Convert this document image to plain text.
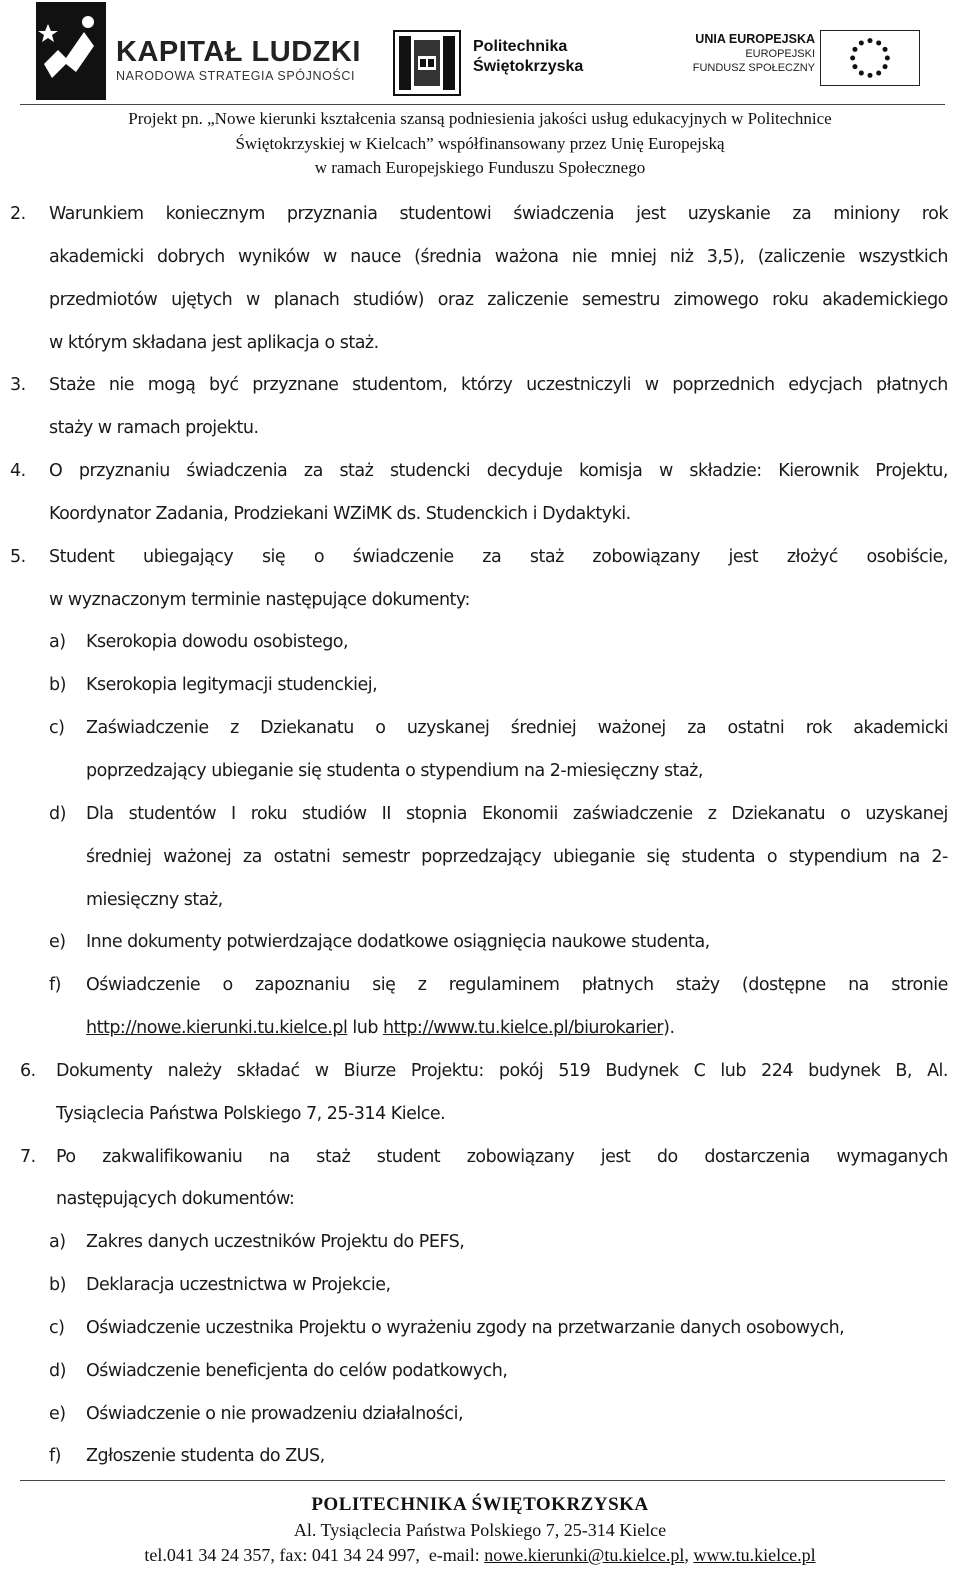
KAPITAŁ LUDZKI
NARODOWA STRATEGIA SPÓJNOŚCI
Politechnika
Świętokrzyska
UNIA EUROPEJSKA
EUROPEJSKI
FUNDUSZ SPOŁECZNY
Projekt pn. „Nowe kierunki kształcenia szansą podniesienia jakości usług edukacyjnych w Politechnice
Świętokrzyskiej w Kielcach” współfinansowany przez Unię Europejską
w ramach Europejskiego Funduszu Społecznego
2. Warunkiem koniecznym przyznania studentowi świadczenia jest uzyskanie za miniony rok
akademicki dobrych wyników w nauce (średnia ważona nie mniej niż 3,5), (zaliczenie wszystkich
przedmiotów ujętych w planach studiów) oraz zaliczenie semestru zimowego roku akademickiego
w którym składana jest aplikacja o staż.
3. Staże nie mogą być przyznane studentom, którzy uczestniczyli w poprzednich edycjach płatnych
staży w ramach projektu.
4. O przyznaniu świadczenia za staż studencki decyduje komisja w składzie: Kierownik Projektu,
Koordynator Zadania, Prodziekani WZiMK ds. Studenckich i Dydaktyki.
5. Student ubiegający się o świadczenie za staż zobowiązany jest złożyć osobiście,
w wyznaczonym terminie następujące dokumenty:
a) Kserokopia dowodu osobistego,
b) Kserokopia legitymacji studenckiej,
c) Zaświadczenie z Dziekanatu o uzyskanej średniej ważonej za ostatni rok akademicki
poprzedzający ubieganie się studenta o stypendium na 2-miesięczny staż,
d) Dla studentów I roku studiów II stopnia Ekonomii zaświadczenie z Dziekanatu o uzyskanej
średniej ważonej za ostatni semestr poprzedzający ubieganie się studenta o stypendium na 2-
miesięczny staż,
e) Inne dokumenty potwierdzające dodatkowe osiągnięcia naukowe studenta,
f) Oświadczenie o zapoznaniu się z regulaminem płatnych staży (dostępne na stronie
http://nowe.kierunki.tu.kielce.pl lub http://www.tu.kielce.pl/biurokarier ).
6. Dokumenty należy składać w Biurze Projektu: pokój 519 Budynek C lub 224 budynek B, Al.
Tysiąclecia Państwa Polskiego 7, 25-314 Kielce.
7. Po zakwalifikowaniu na staż student zobowiązany jest do dostarczenia wymaganych
następujących dokumentów:
a) Zakres danych uczestników Projektu do PEFS,
b) Deklaracja uczestnictwa w Projekcie,
c) Oświadczenie uczestnika Projektu o wyrażeniu zgody na przetwarzanie danych osobowych,
d) Oświadczenie beneficjenta do celów podatkowych,
e) Oświadczenie o nie prowadzeniu działalności,
f) Zgłoszenie studenta do ZUS,
POLITECHNIKA ŚWIĘTOKRZYSKA
Al. Tysiąclecia Państwa Polskiego 7, 25-314 Kielce
tel.041 34 24 357, fax: 041 34 24 997,  e-mail: nowe.kierunki@tu.kielce.pl, www.tu.kielce.pl
